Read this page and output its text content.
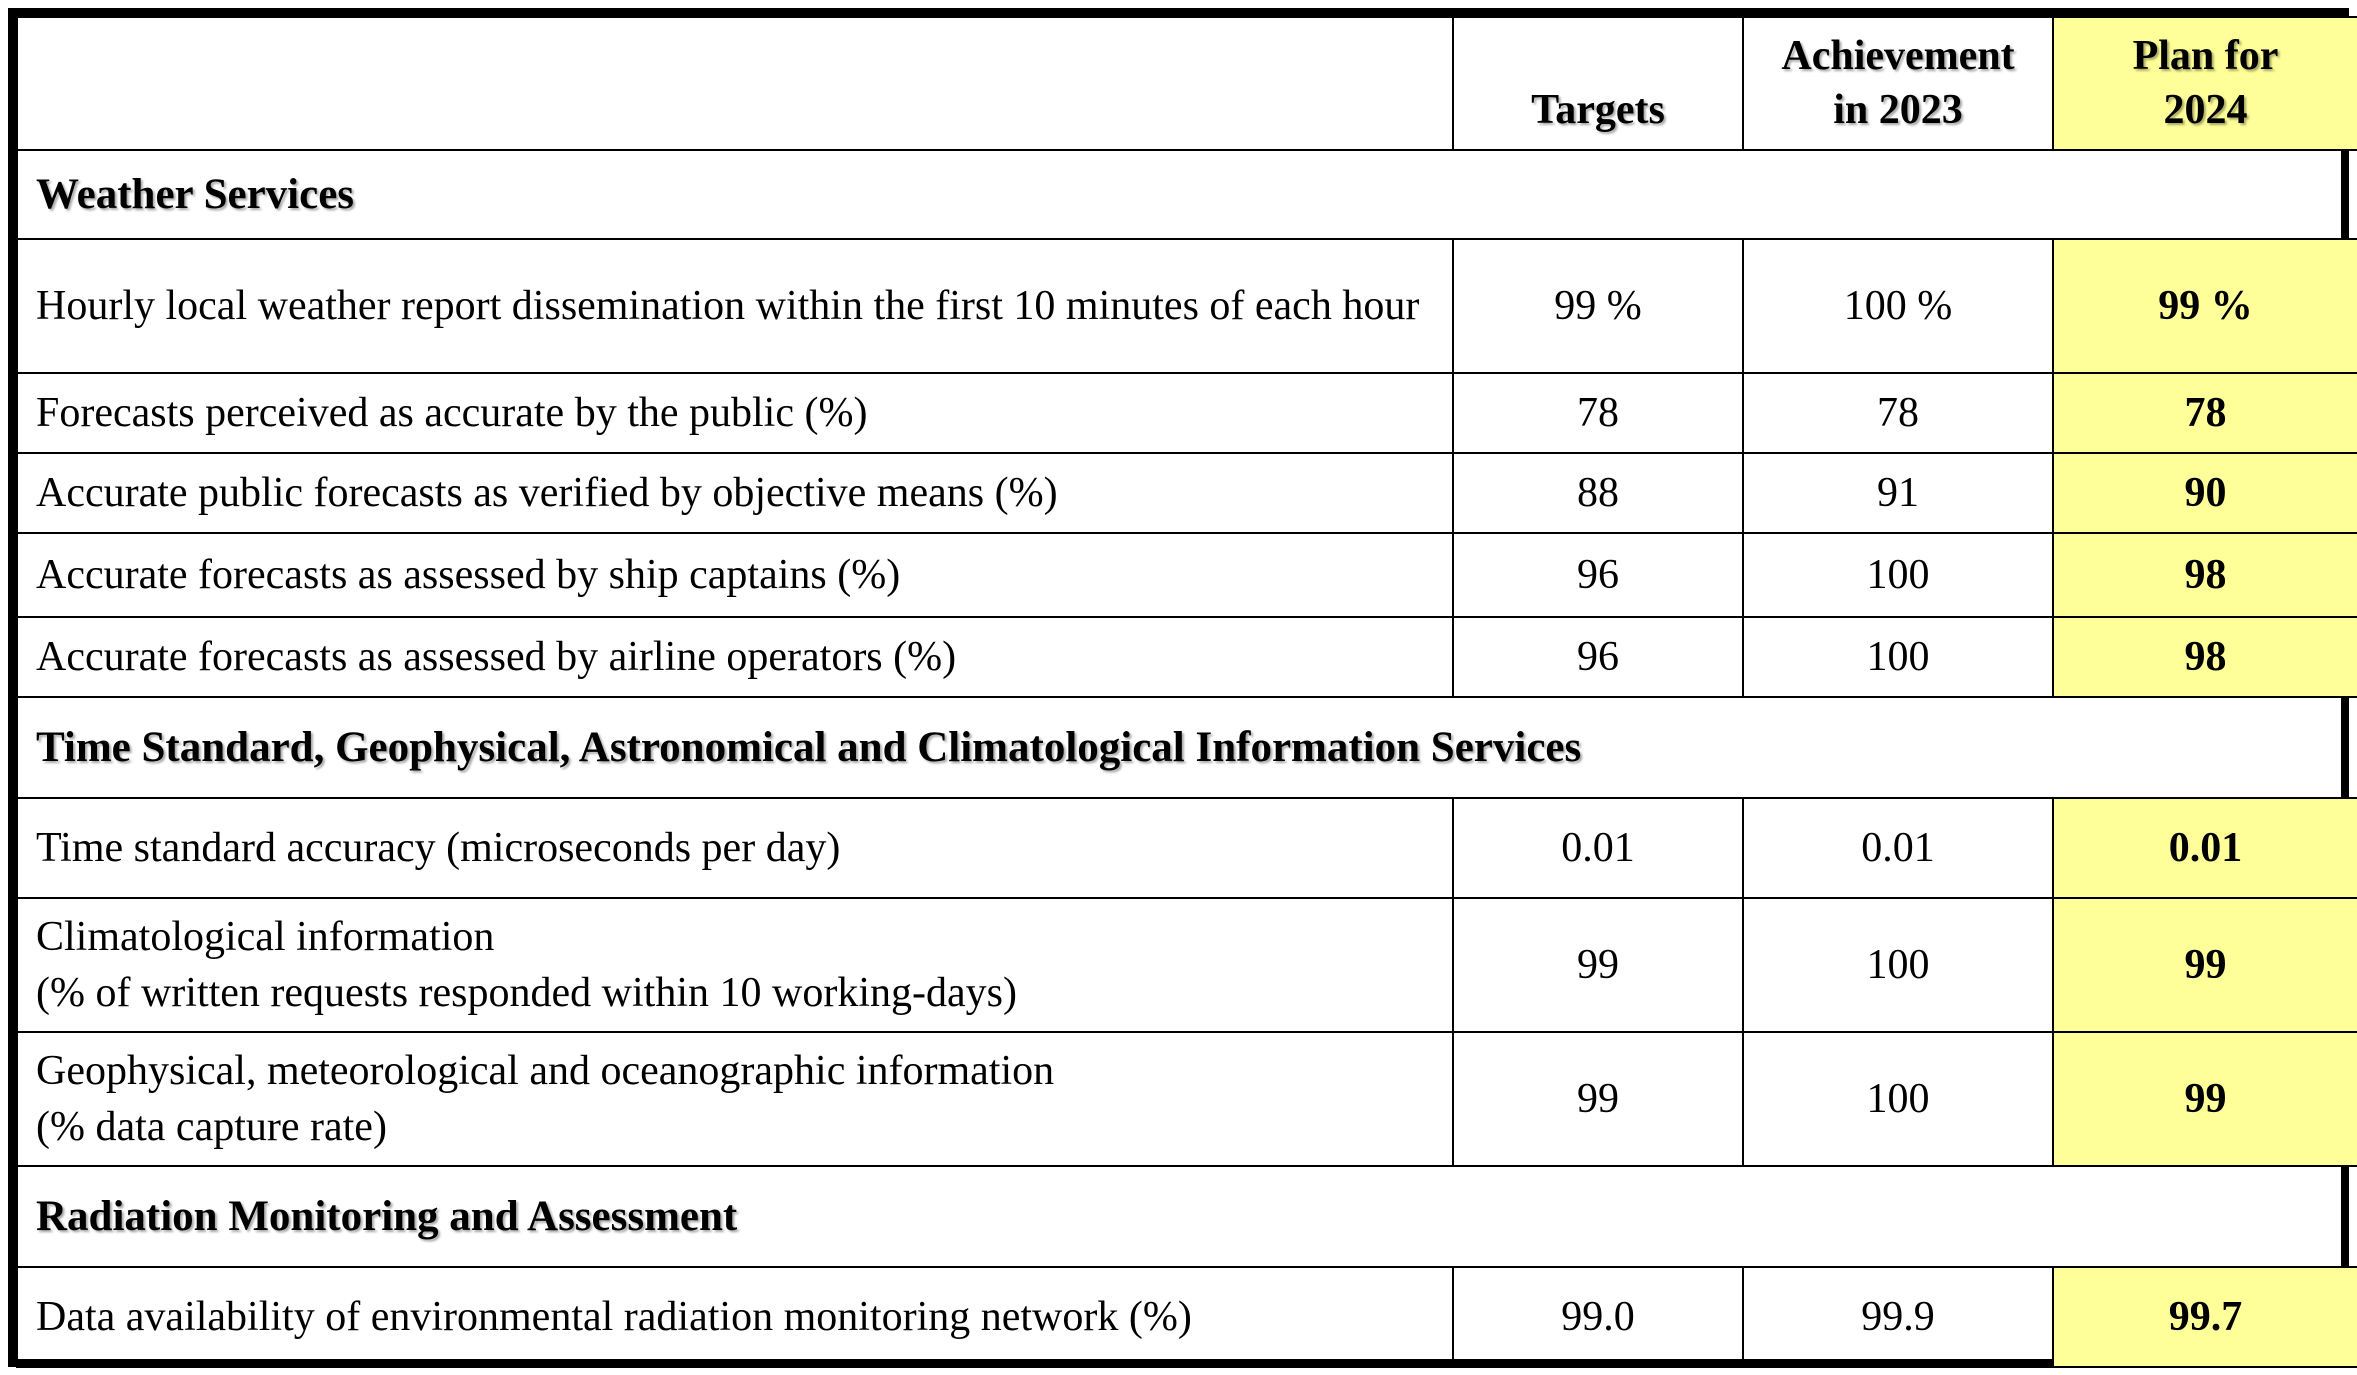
	Targets	Achievement in 2023	Plan for 2024
Weather Services			
Hourly local weather report dissemination within the first 10 minutes of each hour	99 %	100 %	99 %
Forecasts perceived as accurate by the public (%)	78	78	78
Accurate public forecasts as verified by objective means (%)	88	91	90
Accurate forecasts as assessed by ship captains (%)	96	100	98
Accurate forecasts as assessed by airline operators (%)	96	100	98
Time Standard, Geophysical, Astronomical and Climatological Information Services			
Time standard accuracy (microseconds per day)	0.01	0.01	0.01

Climatological information
(% of written requests responded within 10 working-days)	99	100	99

Geophysical, meteorological and oceanographic information
(% data capture rate)	99	100	99
Radiation Monitoring and Assessment			
Data availability of environmental radiation monitoring network (%)	99.0	99.9	99.7
